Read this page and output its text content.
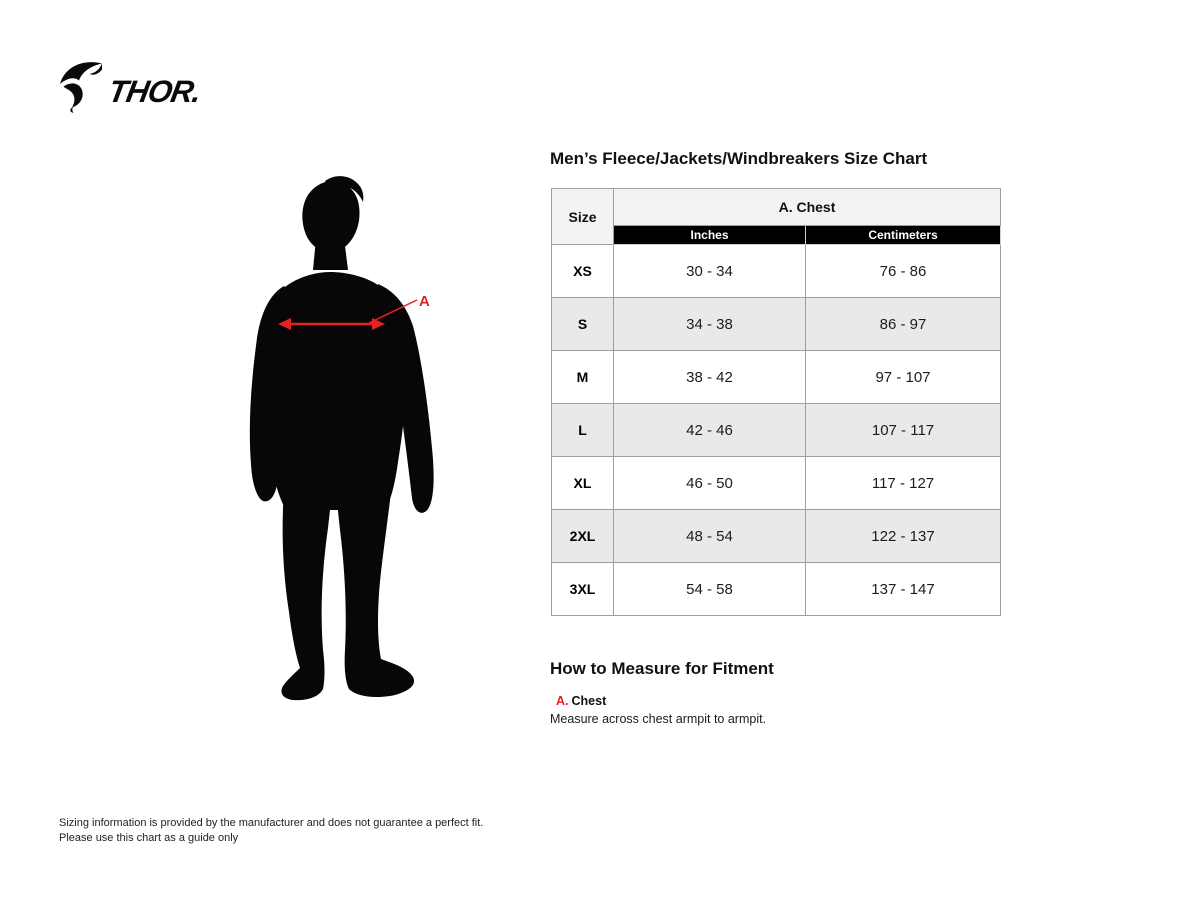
THOR.
A
Men’s Fleece/Jackets/Windbreakers Size Chart
Size	A. Chest	
	Inches	Centimeters
XS	30 - 34	76 - 86
S	34 - 38	86 - 97
M	38 - 42	97 - 107
L	42 - 46	107 - 117
XL	46 - 50	117 - 127
2XL	48 - 54	122 - 137
3XL	54 - 58	137 - 147
How to Measure for Fitment
A. Chest
Measure across chest armpit to armpit.
Sizing information is provided by the manufacturer and does not guarantee a perfect fit.
Please use this chart as a guide only
